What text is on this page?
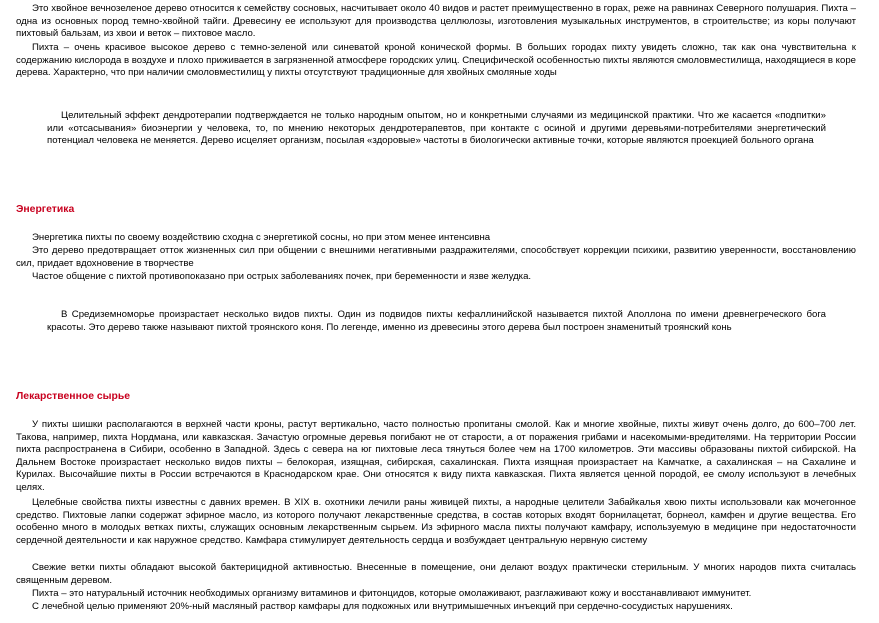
Это хвойное вечнозеленое дерево относится к семейству сосновых, насчитывает около 40 видов и растет преимущественно в горах, реже на равнинах Северного полушария. Пихта – одна из основных пород темно-хвойной тайги. Древесину ее используют для производства целлюлозы, изготовления музыкальных инструментов, в строительстве; из коры получают пихтовый бальзам, из хвои и веток – пихтовое масло.

Пихта – очень красивое высокое дерево с темно-зеленой или синеватой кроной конической формы. В больших городах пихту увидеть сложно, так как она чувствительна к содержанию кислорода в воздухе и плохо приживается в загрязненной атмосфере городских улиц. Специфической особенностью пихты являются смоловместилища, находящиеся в коре дерева. Характерно, что при наличии смоловместилищ у пихты отсутствуют традиционные для хвойных смоляные ходы

Целительный эффект дендротерапии подтверждается не только народным опытом, но и конкретными случаями из медицинской практики. Что же касается «подпитки» или «отсасывания» биоэнергии у человека, то, по мнению некоторых дендротерапевтов, при контакте с осиной и другими деревьями-потребителями энергетический потенциал человека не меняется. Дерево исцеляет организм, посылая «здоровые» частоты в биологически активные точки, которые являются проекцией больного органа

Энергетика

Энергетика пихты по своему воздействию сходна с энергетикой сосны, но при этом менее интенсивна

Это дерево предотвращает отток жизненных сил при общении с внешними негативными раздражителями, способствует коррекции психики, развитию уверенности, восстановлению сил, придает вдохновение в творчестве

Частое общение с пихтой противопоказано при острых заболеваниях почек, при беременности и язве желудка.

В Средиземноморье произрастает несколько видов пихты. Один из подвидов пихты кефаллинийской называется пихтой Аполлона по имени древнегреческого бога красоты. Это дерево также называют пихтой троянского коня. По легенде, именно из древесины этого дерева был построен знаменитый троянский конь

Лекарственное сырье

У пихты шишки располагаются в верхней части кроны, растут вертикально, часто полностью пропитаны смолой. Как и многие хвойные, пихты живут очень долго, до 600–700 лет. Такова, например, пихта Нордмана, или кавказская. Зачастую огромные деревья погибают не от старости, а от поражения грибами и насекомыми-вредителями. На территории России пихта распространена в Сибири, особенно в Западной. Здесь с севера на юг пихтовые леса тянуться более чем на 1700 километров. Эти массивы образованы пихтой сибирской. На Дальнем Востоке произрастает несколько видов пихты – белокорая, изящная, сибирская, сахалинская. Пихта изящная произрастает на Камчатке, а сахалинская – на Сахалине и Курилах. Высочайшие пихты в России встречаются в Краснодарском крае. Они относятся к виду пихта кавказская. Пихта является ценной породой, ее смолу используют в лечебных целях.

Целебные свойства пихты известны с давних времен. В XIX в. охотники лечили раны живицей пихты, а народные целители Забайкалья хвою пихты использовали как мочегонное средство. Пихтовые лапки содержат эфирное масло, из которого получают лекарственные средства, в состав которых входят борнилацетат, борнеол, камфен и другие вещества. Его особенно много в молодых ветках пихты, служащих основным лекарственным сырьем. Из эфирного масла пихты получают камфару, используемую в медицине при недостаточности сердечной деятельности и как наружное средство. Камфара стимулирует деятельность сердца и возбуждает центральную нервную систему

Свежие ветки пихты обладают высокой бактерицидной активностью. Внесенные в помещение, они делают воздух практически стерильным. У многих народов пихта считалась священным деревом.

Пихта – это натуральный источник необходимых организму витаминов и фитонцидов, которые омолаживают, разглаживают кожу и восстанавливают иммунитет.

С лечебной целью применяют 20%-ный масляный раствор камфары для подкожных или внутримышечных инъекций при сердечно-сосудистых нарушениях.
